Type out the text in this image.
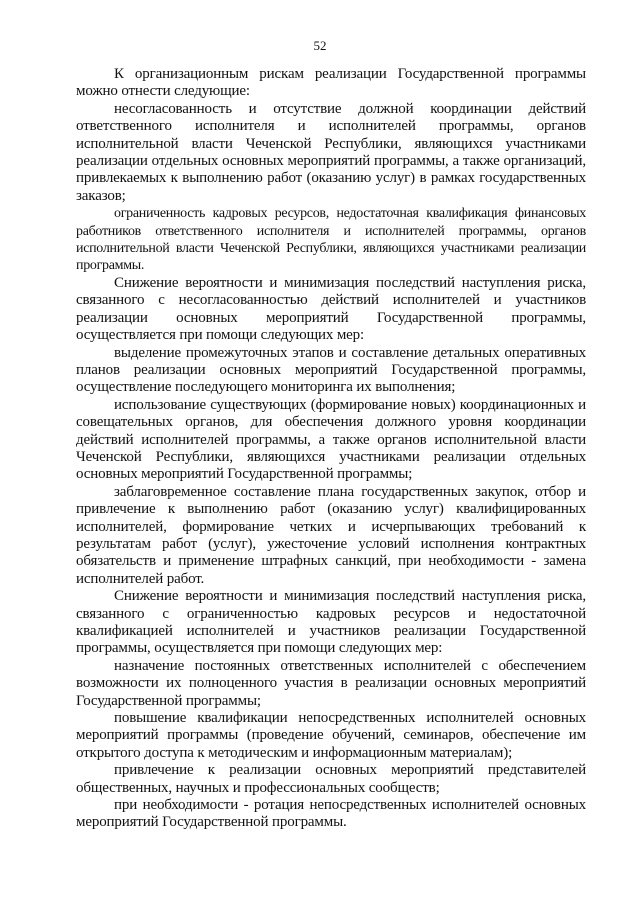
52

К организационным рискам реализации Государственной программы можно отнести следующие:

несогласованность и отсутствие должной координации действий ответственного исполнителя и исполнителей программы, органов исполнительной власти Чеченской Республики, являющихся участниками реализации отдельных основных мероприятий программы, а также организаций, привлекаемых к выполнению работ (оказанию услуг) в рамках государственных заказов;

ограниченность кадровых ресурсов, недостаточная квалификация финансовых работников ответственного исполнителя и исполнителей программы, органов исполнительной власти Чеченской Республики, являющихся участниками реализации программы.

Снижение вероятности и минимизация последствий наступления риска, связанного с несогласованностью действий исполнителей и участников реализации основных мероприятий Государственной программы, осуществляется при помощи следующих мер:

выделение промежуточных этапов и составление детальных оперативных планов реализации основных мероприятий Государственной программы, осуществление последующего мониторинга их выполнения;

использование существующих (формирование новых) координационных и совещательных органов, для обеспечения должного уровня координации действий исполнителей программы, а также органов исполнительной власти Чеченской Республики, являющихся участниками реализации отдельных основных мероприятий Государственной программы;

заблаговременное составление плана государственных закупок, отбор и привлечение к выполнению работ (оказанию услуг) квалифицированных исполнителей, формирование четких и исчерпывающих требований к результатам работ (услуг), ужесточение условий исполнения контрактных обязательств и применение штрафных санкций, при необходимости - замена исполнителей работ.

Снижение вероятности и минимизация последствий наступления риска, связанного с ограниченностью кадровых ресурсов и недостаточной квалификацией исполнителей и участников реализации Государственной программы, осуществляется при помощи следующих мер:

назначение постоянных ответственных исполнителей с обеспечением возможности их полноценного участия в реализации основных мероприятий Государственной программы;

повышение квалификации непосредственных исполнителей основных мероприятий программы (проведение обучений, семинаров, обеспечение им открытого доступа к методическим и информационным материалам);

привлечение к реализации основных мероприятий представителей общественных, научных и профессиональных сообществ;

при необходимости - ротация непосредственных исполнителей основных мероприятий Государственной программы.
